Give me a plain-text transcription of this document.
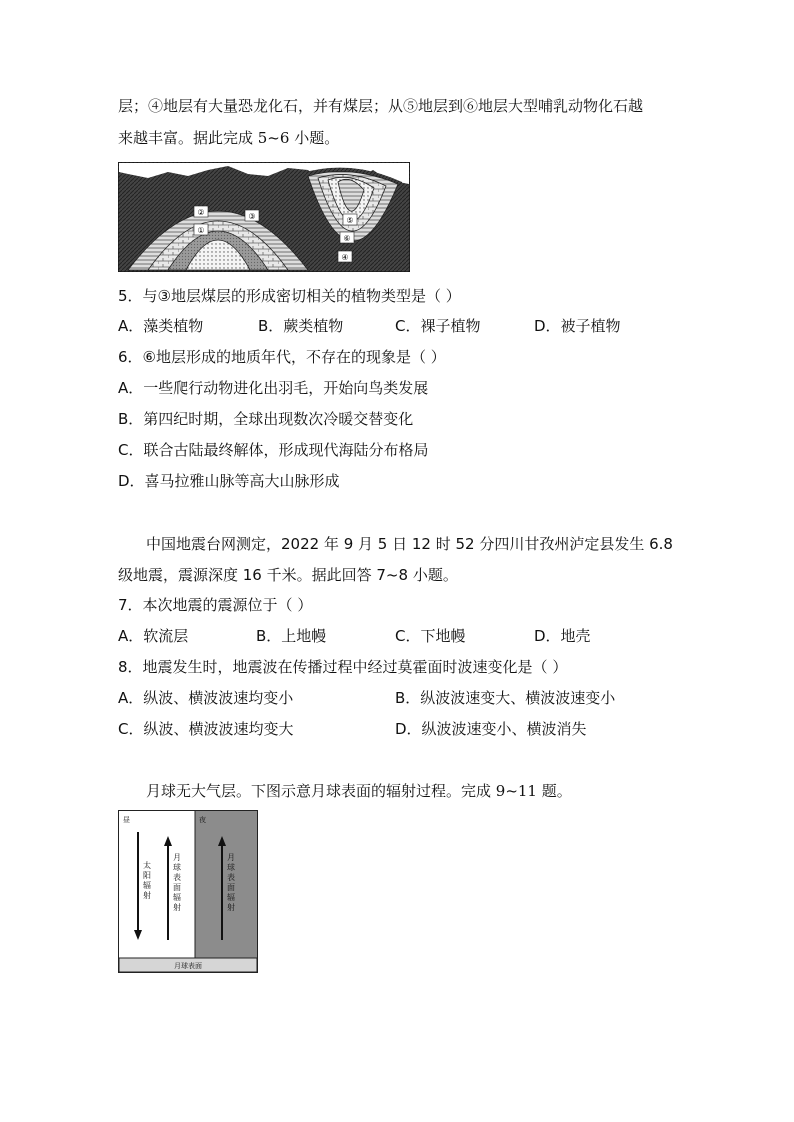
层；④地层有大量恐龙化石，并有煤层；从⑤地层到⑥地层大型哺乳动物化石越
来越丰富。据此完成 5~6 小题。
②	③
①
⑤
⑥
④
5．与③地层煤层的形成密切相关的植物类型是（ ）
A．藻类植物	B．蕨类植物	C．裸子植物	D．被子植物
6．⑥地层形成的地质年代，不存在的现象是（ ）
A．一些爬行动物进化出羽毛，开始向鸟类发展
B．第四纪时期，全球出现数次冷暖交替变化
C．联合古陆最终解体，形成现代海陆分布格局
D．喜马拉雅山脉等高大山脉形成
中国地震台网测定，2022 年 9 月 5 日 12 时 52 分四川甘孜州泸定县发生 6.8
级地震，震源深度 16 千米。据此回答 7~8 小题。
7．本次地震的震源位于（ ）
A．软流层	B．上地幔	C．下地幔	D．地壳
8．地震发生时，地震波在传播过程中经过莫霍面时波速变化是（ ）
A．纵波、横波波速均变小	B．纵波波速变大、横波波速变小
C．纵波、横波波速均变大	D．纵波波速变小、横波消失
月球无大气层。下图示意月球表面的辐射过程。完成 9~11 题。
昼	夜
月球表面
太阳辐射
月球表面辐射
月球表面辐射
